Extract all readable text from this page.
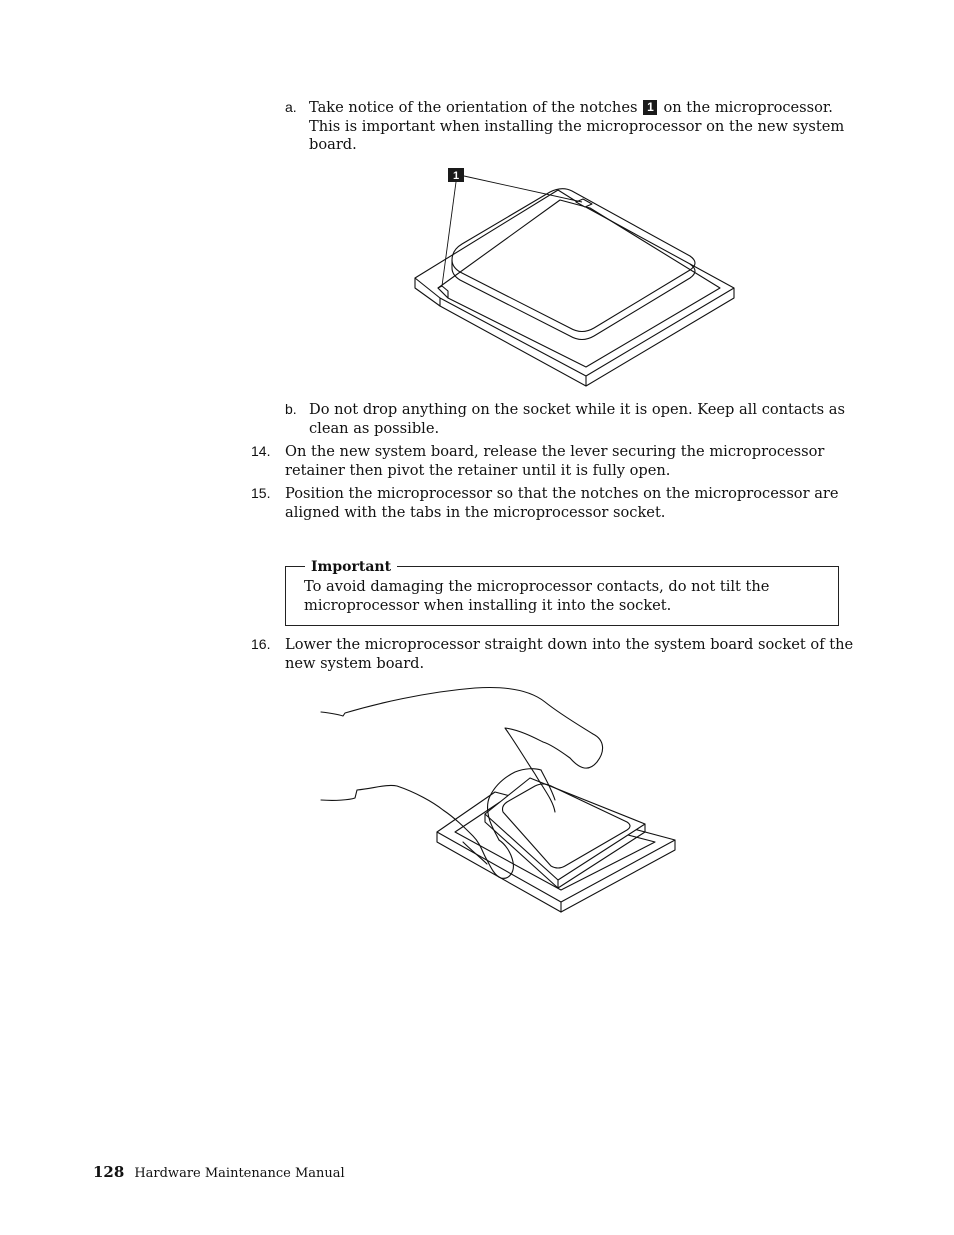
a. Take notice of the orientation of the notches 1 on the microprocessor.
This is important when installing the microprocessor on the new system
board.
1
b. Do not drop anything on the socket while it is open. Keep all contacts as
clean as possible.
14. On the new system board, release the lever securing the microprocessor
retainer then pivot the retainer until it is fully open.
15. Position the microprocessor so that the notches on the microprocessor are
aligned with the tabs in the microprocessor socket.
Important
To avoid damaging the microprocessor contacts, do not tilt the
microprocessor when installing it into the socket.
16. Lower the microprocessor straight down into the system board socket of the
new system board.
128 Hardware Maintenance Manual
